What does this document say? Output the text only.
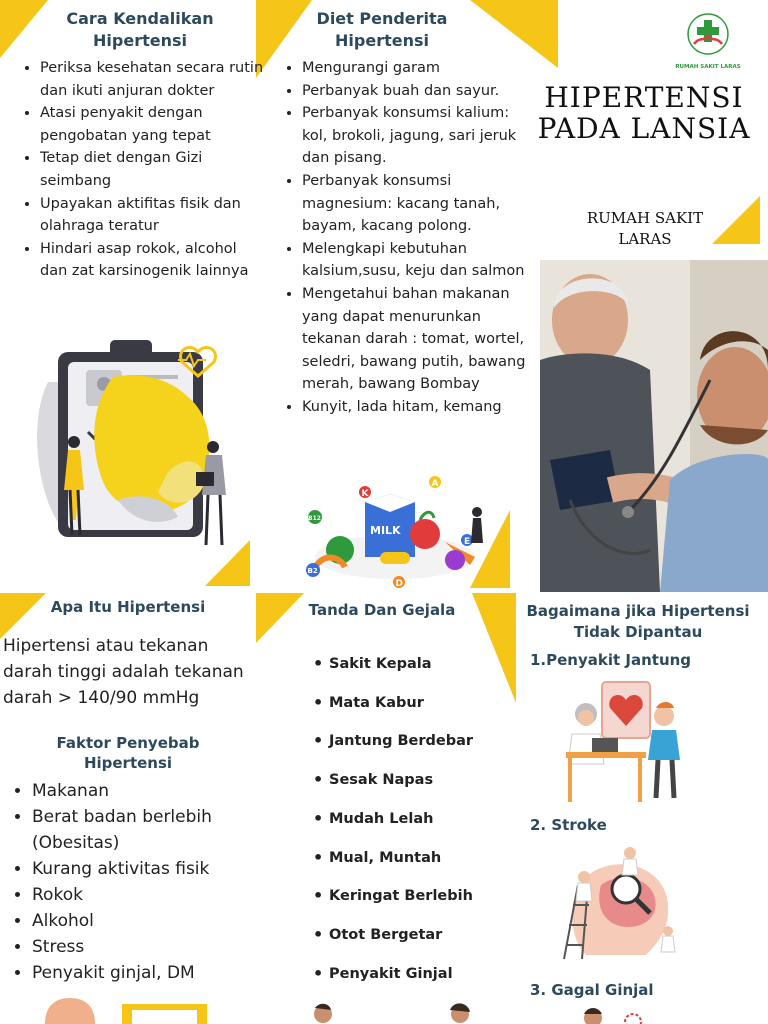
Cara Kendalikan
Hipertensi
• Periksa kesehatan secara rutin dan ikuti anjuran dokter
• Atasi penyakit dengan pengobatan yang tepat
• Tetap diet dengan Gizi seimbang
• Upayakan aktifitas fisik dan olahraga teratur
• Hindari asap rokok, alcohol dan zat karsinogenik lainnya
Diet Penderita
Hipertensi
• Mengurangi garam
• Perbanyak buah dan sayur.
• Perbanyak konsumsi kalium: kol, brokoli, jagung, sari jeruk dan pisang.
• Perbanyak konsumsi magnesium: kacang tanah, bayam, kacang polong.
• Melengkapi kebutuhan kalsium,susu, keju dan salmon
• Mengetahui bahan makanan yang dapat menurunkan tekanan darah : tomat, wortel, seledri, bawang putih, bawang merah, bawang Bombay
• Kunyit, lada hitam, kemang
MILK
K
A
B2
E
D
B12
RUMAH SAKIT LARAS
HIPERTENSI
PADA LANSIA
RUMAH SAKIT
LARAS
Apa Itu Hipertensi
Hipertensi atau tekanan darah tinggi adalah tekanan darah > 140/90 mmHg
Faktor Penyebab
Hipertensi
• Makanan
• Berat badan berlebih (Obesitas)
• Kurang aktivitas fisik
• Rokok
• Alkohol
• Stress
• Penyakit ginjal, DM
Tanda Dan Gejala
• Sakit Kepala
• Mata Kabur
• Jantung Berdebar
• Sesak Napas
• Mudah Lelah
• Mual, Muntah
• Keringat Berlebih
• Otot Bergetar
• Penyakit Ginjal
Bagaimana jika Hipertensi
Tidak Dipantau
1.Penyakit Jantung
2. Stroke
3. Gagal Ginjal
